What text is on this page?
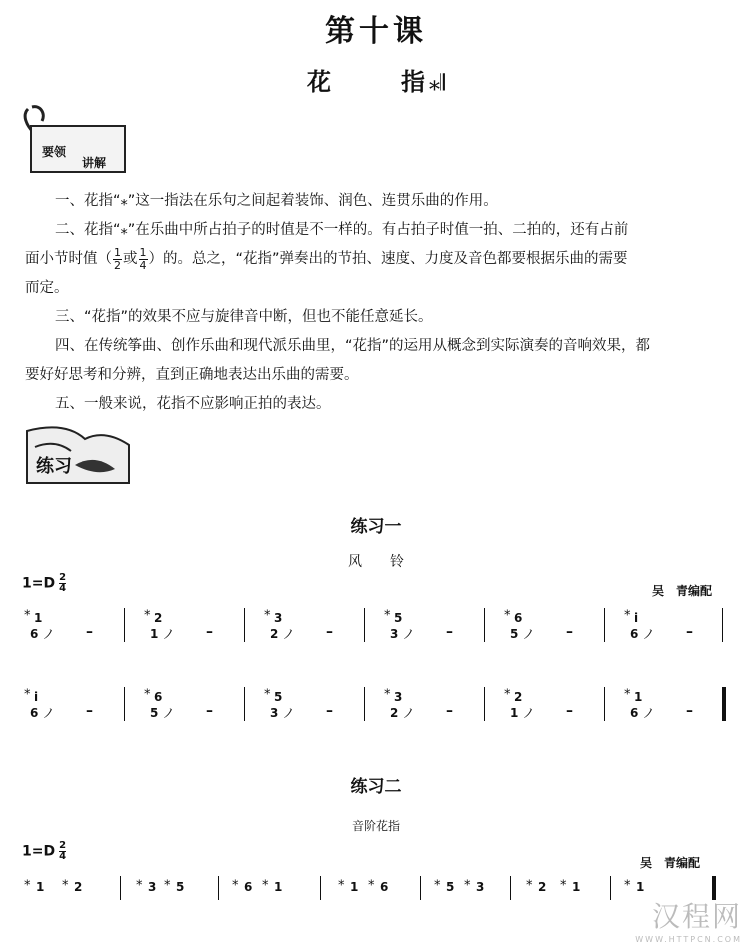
第十课
花	指 ⁎𝄂
要领
讲解
一、花指“⁎”这一指法在乐句之间起着装饰、润色、连贯乐曲的作用。
二、花指“⁎”在乐曲中所占拍子的时值是不一样的。有占拍子时值一拍、二拍的，还有占前
面小节时值（ $\frac{1}{2}$ 或 $\frac{1}{4}$ ）的。总之，“花指”弹奏出的节拍、速度、力度及音色都要根据乐曲的需要
而定。
三、“花指”的效果不应与旋律音中断，但也不能任意延长。
四、在传统筝曲、创作乐曲和现代派乐曲里，“花指”的运用从概念到实际演奏的音响效果，都
要好好思考和分辨，直到正确地表达出乐曲的需要。
五、一般来说，花指不应影响正拍的表达。
练习
练习一
风　　铃
$1=D \frac{2}{4}$	吴　青编配
⁎ 1
6 ノ –
⁎ 2
1 ノ –
⁎ 3
2 ノ –
⁎ 5
3 ノ –
⁎ 6
5 ノ –
⁎ i
6 ノ –
⁎ i
6 ノ –
⁎ 6
5 ノ –
⁎ 5
3 ノ –
⁎ 3
2 ノ –
⁎ 2
1 ノ –
⁎ 1
6 ノ –
练习二
音阶花指
$1=D \frac{2}{4}$
吴　青编配
⁎ 1 ⁎ 2	⁎ 3 ⁎ 5	⁎ 6 ⁎ 1	⁎ 1 ⁎ 6	⁎ 5 ⁎ 3	⁎ 2 ⁎ 1	⁎ 1
汉程网
WWW.HTTPCN.COM
